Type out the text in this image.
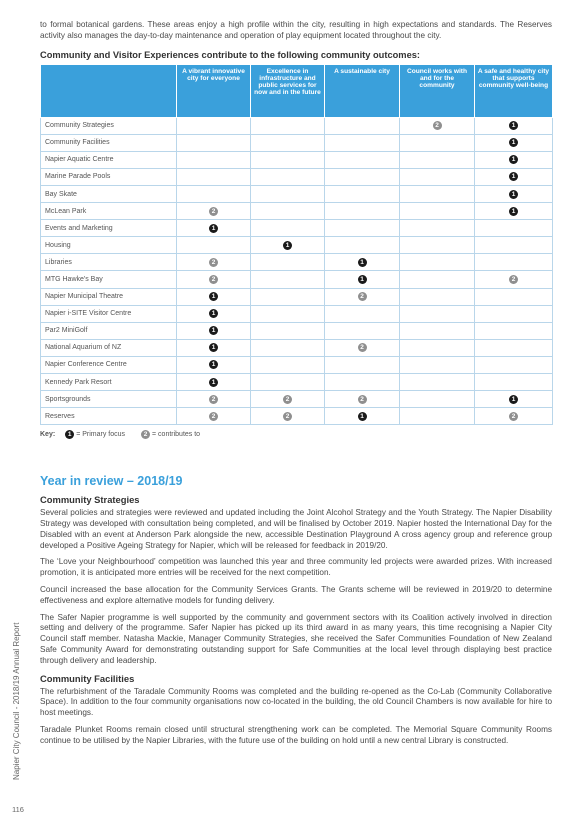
to formal botanical gardens. These areas enjoy a high profile within the city, resulting in high expectations and standards. The Reserves activity also manages the day-to-day maintenance and operation of play equipment located throughout the city.

Community and Visitor Experiences contribute to the following community outcomes:
	A vibrant innovative city for everyone	Excellence in infrastructure and public services for now and in the future	A sustainable city	Council works with and for the community	A safe and healthy city that supports community well-being
Community Strategies				2	1
Community Facilities					1
Napier Aquatic Centre					1
Marine Parade Pools					1
Bay Skate					1
McLean Park	2				1
Events and Marketing	1				
Housing		1			
Libraries	2		1		
MTG Hawke's Bay	2		1		2
Napier Municipal Theatre	1		2		
Napier i-SITE Visitor Centre	1				
Par2 MiniGolf	1				
National Aquarium of NZ	1		2		
Napier Conference Centre	1				
Kennedy Park Resort	1				
Sportsgrounds	2	2	2		1
Reserves	2	2	1		2
Key:	1 = Primary focus	2 = contributes to
Year in review – 2018/19
Community Strategies

Several policies and strategies were reviewed and updated including the Joint Alcohol Strategy and the Youth Strategy. The Napier Disability Strategy was developed with consultation being completed, and will be finalised by October 2019. Napier hosted the International Day for the Disabled with an event at Anderson Park alongside the new, accessible Destination Playground A cross agency group and reference group developed a Positive Ageing Strategy for Napier, which will be released for feedback in 2019/20.

The ‘Love your Neighbourhood’ competition was launched this year and three community led projects were awarded prizes. With increased promotion, it is anticipated more entries will be received for the next competition.

Council increased the base allocation for the Community Services Grants. The Grants scheme will be reviewed in 2019/20 to determine effectiveness and explore alternative models for funding delivery.

The Safer Napier programme is well supported by the community and government sectors with its Coalition actively involved in direction setting and delivery of the programme. Safer Napier has picked up its third award in as many years, this time recognising a Napier City Council staff member. Natasha Mackie, Manager Community Strategies, she received the Safer Communities Foundation of New Zealand Safe Community Award for demonstrating outstanding support for Safe Communities at the local level through displaying best practice through delivery and leadership.

Community Facilities

The refurbishment of the Taradale Community Rooms was completed and the building re-opened as the Co-Lab (Community Collaborative Space). In addition to the four community organisations now co-located in the building, the old Council Chambers is now available for hire to host meetings.

Taradale Plunket Rooms remain closed until structural strengthening work can be completed. The Memorial Square Community Rooms continue to be utilised by the Napier Libraries, with the future use of the building on hold until a new central Library is constructed.

Napier City Council - 2018/19 Annual Report
116
